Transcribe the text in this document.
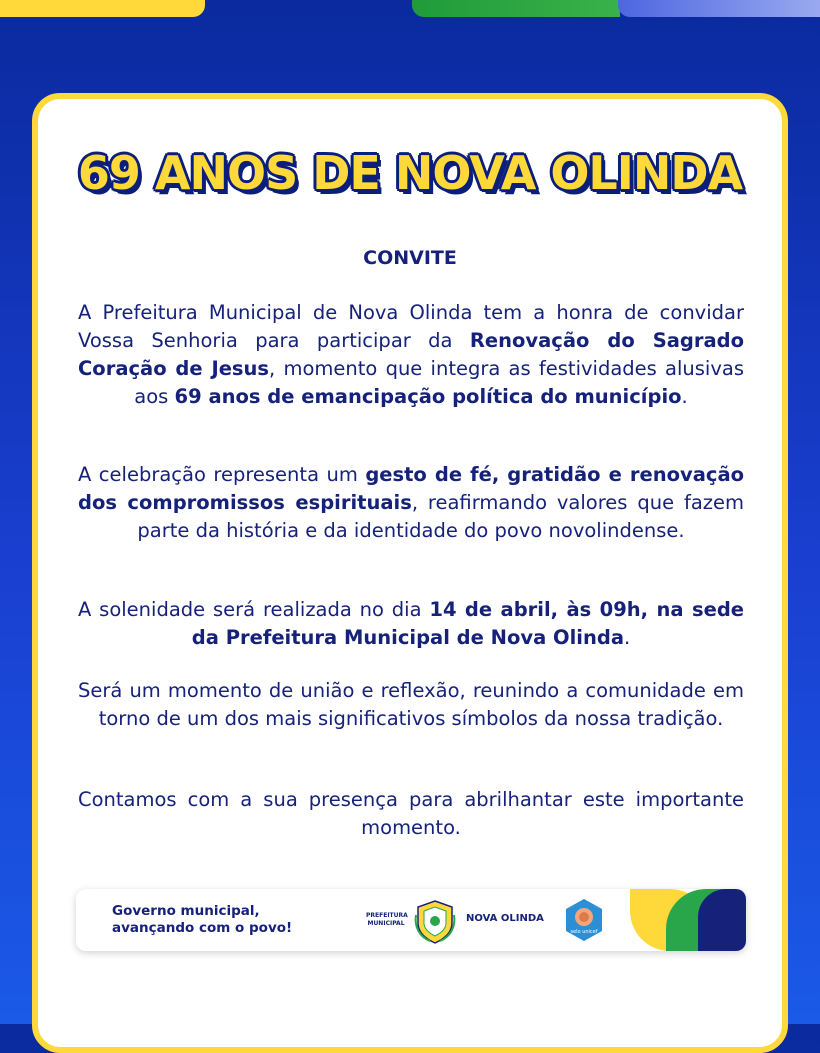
69 ANOS DE NOVA OLINDA
CONVITE
A Prefeitura Municipal de Nova Olinda tem a honra de convidar Vossa Senhoria para participar da Renovação do Sagrado Coração de Jesus, momento que integra as festividades alusivas aos 69 anos de emancipação política do município.
A celebração representa um gesto de fé, gratidão e renovação dos compromissos espirituais, reafirmando valores que fazem parte da história e da identidade do povo novolindense.
A solenidade será realizada no dia 14 de abril, às 09h, na sede da Prefeitura Municipal de Nova Olinda.
Será um momento de união e reflexão, reunindo a comunidade em torno de um dos mais significativos símbolos da nossa tradição.
Contamos com a sua presença para abrilhantar este importante momento.
Governo municipal,
avançando com o povo!
PREFEITURA
MUNICIPAL	NOVA OLINDA
selo unicef
